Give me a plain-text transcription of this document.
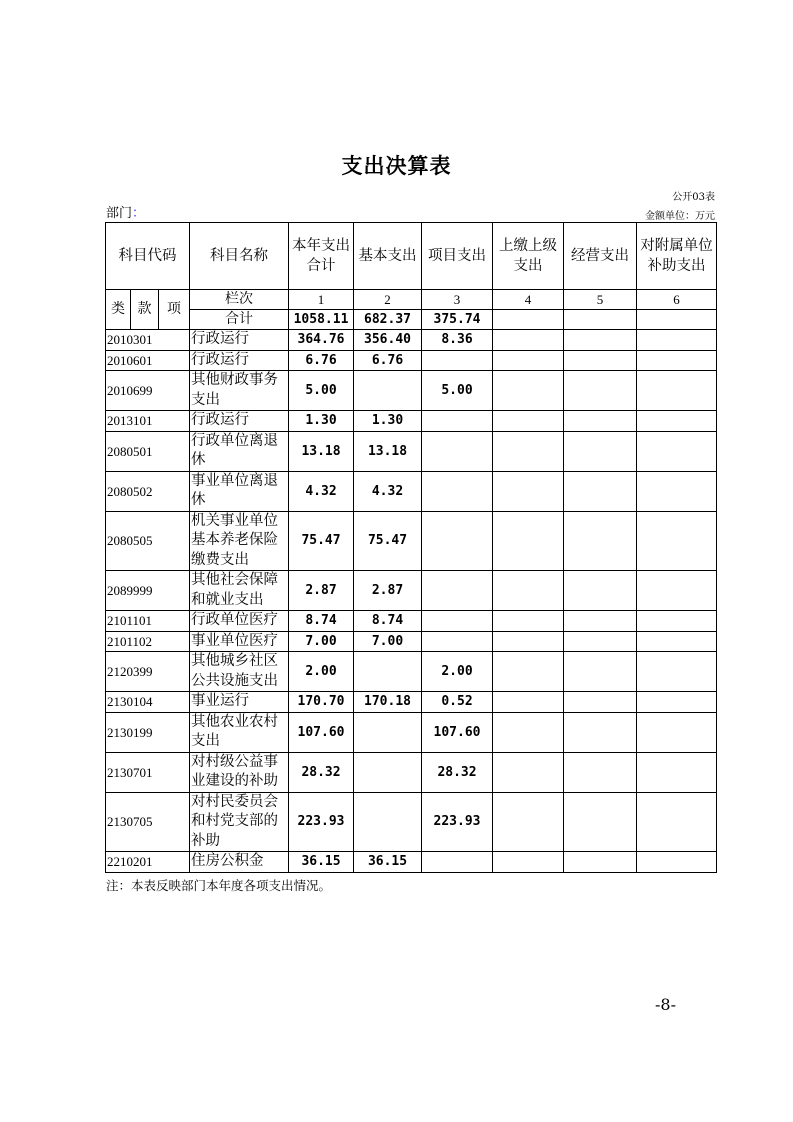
支出决算表
公开03表
部门：	金额单位：万元
科目代码			科目名称	本年支出合计	基本支出	项目支出	上缴上级支出	经营支出	对附属单位补助支出
类	款	项	栏次	1	2	3	4	5	6
			合计	1058.11	682.37	375.74			
2010301			行政运行	364.76	356.40	8.36			
2010601			行政运行	6.76	6.76				
2010699			其他财政事务支出	5.00		5.00			
2013101			行政运行	1.30	1.30				
2080501			行政单位离退休	13.18	13.18				
2080502			事业单位离退休	4.32	4.32				
2080505			机关事业单位基本养老保险缴费支出	75.47	75.47				
2089999			其他社会保障和就业支出	2.87	2.87				
2101101			行政单位医疗	8.74	8.74				
2101102			事业单位医疗	7.00	7.00				
2120399			其他城乡社区公共设施支出	2.00		2.00			
2130104			事业运行	170.70	170.18	0.52			
2130199			其他农业农村支出	107.60		107.60			
2130701			对村级公益事业建设的补助	28.32		28.32			
2130705			对村民委员会和村党支部的补助	223.93		223.93			
2210201			住房公积金	36.15	36.15				
注：本表反映部门本年度各项支出情况。
-8-
